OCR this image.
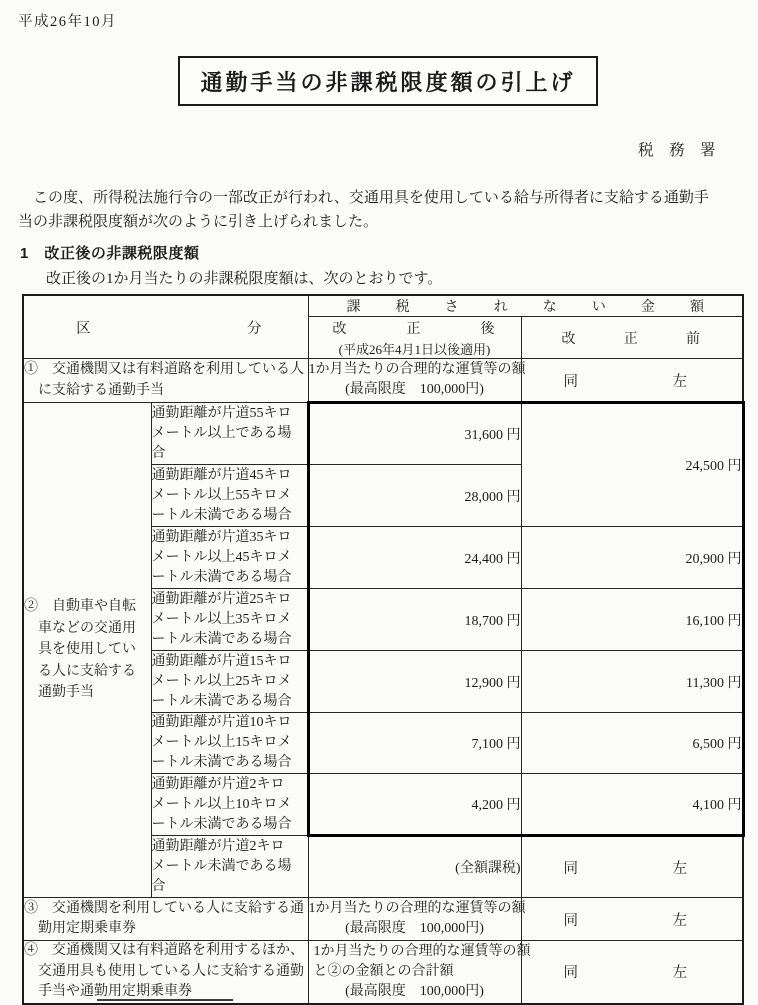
平成26年10月
通勤手当の非課税限度額の引上げ
税　務　署
　この度、所得税法施行令の一部改正が行われ、交通用具を使用している給与所得者に支給する通勤手
当の非課税限度額が次のように引き上げられました。
1　改正後の非課税限度額
改正後の1か月当たりの非課税限度額は、次のとおりです。
区	分

課	税	さ	れ	な	い	金	額

改	正	後
(平成26年4月1日以後適用)

改	正	前

①　交通機関又は有料道路を利用している人
　に支給する通勤手当

1か月当たりの合理的な運賃等の額
(最高限度　100,000円)	同	左

②　自動車や自転
　車などの交通用
　具を使用してい
　る人に支給する
　通勤手当

通勤距離が片道55キロ
メートル以上である場
合
	31,600 円	24,500 円

	通勤距離が片道45キロ
メートル以上55キロメ
ートル未満である場合	28,000 円	

	通勤距離が片道35キロ
メートル以上45キロメ
ートル未満である場合	24,400 円	20,900 円

	通勤距離が片道25キロ
メートル以上35キロメ
ートル未満である場合	18,700 円	16,100 円

	通勤距離が片道15キロ
メートル以上25キロメ
ートル未満である場合	12,900 円	11,300 円

	通勤距離が片道10キロ
メートル以上15キロメ
ートル未満である場合	7,100 円	6,500 円

	通勤距離が片道2キロ
メートル以上10キロメ
ートル未満である場合	4,200 円	4,100 円

通勤距離が片道2キロ
メートル未満である場
合
	(全額課税)	同	左

③　交通機関を利用している人に支給する通
　勤用定期乗車券

1か月当たりの合理的な運賃等の額
(最高限度　100,000円)	同	左

④　交通機関又は有料道路を利用するほか、
　交通用具も使用している人に支給する通勤
　手当や通勤用定期乗車券

1か月当たりの合理的な運賃等の額
と②の金額との合計額
(最高限度　100,000円)

同	左
